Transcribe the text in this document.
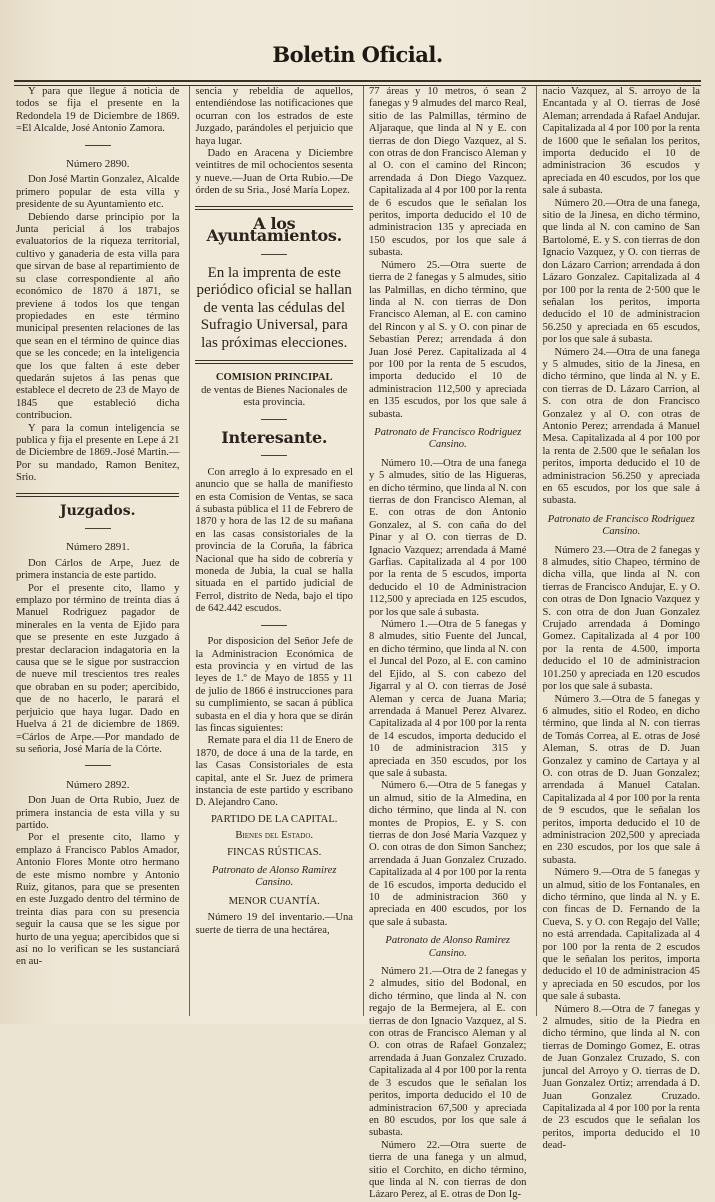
Boletin Oficial.

Y para que llegue á noticia de todos se fija el presente en la Redondela 19 de Diciembre de 1869. =El Alcalde, José Antonio Zamora.

Número 2890.

Don José Martin Gonzalez, Alcalde primero popular de esta villa y presidente de su Ayuntamiento etc.

Debiendo darse principio por la Junta pericial á los trabajos evaluatorios de la riqueza territorial, cultivo y ganaderia de esta villa para que sirvan de base al repartimiento de su clase correspondiente al año económico de 1870 á 1871, se previene á todos los que tengan propiedades en este término municipal presenten relaciones de las que sean en el término de quince dias que se les concede; en la inteligencia que los que falten á este deber quedarán sujetos á las penas que establece el decreto de 23 de Mayo de 1845 que estableció dicha contribucion.

Y para la comun inteligencia se publica y fija el presente en Lepe á 21 de Diciembre de 1869.-José Martin.—Por su mandado, Ramon Benitez, Srio.

Juzgados.
Número 2891.

Don Cárlos de Arpe, Juez de primera instancia de este partido.

Por el presente cito, llamo y emplazo por término de treinta dias á Manuel Rodriguez pagador de minerales en la venta de Ejido para que se presente en este Juzgado á prestar declaracion indagatoria en la causa que se le sigue por sustraccion de nueve mil trescientos tres reales que obraban en su poder; apercibido, que de no hacerlo, le parará el perjuicio que haya lugar. Dado en Huelva á 21 de diciembre de 1869. =Cárlos de Arpe.—Por mandado de su señoria, José María de la Córte.

Número 2892.

Don Juan de Orta Rubio, Juez de primera instancia de esta villa y su partido.

Por el presente cito, llamo y emplazo á Francisco Pablos Amador, Antonio Flores Monte otro hermano de este mismo nombre y Antonio Ruiz, gitanos, para que se presenten en este Juzgado dentro del término de treinta dias para con su presencia seguir la causa que se les sigue por hurto de una yegua; apercibidos que si así no lo verifican se les sustanciará en au-

sencia y rebeldía de aquellos, entendiéndose las notificaciones que ocurran con los estrados de este Juzgado, parándoles el perjuicio que haya lugar.

Dado en Aracena y Diciembre veintitres de mil ochocientos sesenta y nueve.—Juan de Orta Rubio.—De órden de su Sria., José María Lopez.

A los Ayuntamientos.

En la imprenta de este periódico oficial se hallan de venta las cédulas del Sufragio Universal, para las próximas elecciones.

COMISION PRINCIPAL
de ventas de Bienes Nacionales de esta provincia.
Interesante.

Con arreglo á lo expresado en el anuncio que se halla de manifiesto en esta Comision de Ventas, se saca á subasta pública el 11 de Febrero de 1870 y hora de las 12 de su mañana en las casas consistoriales de la provincia de la Coruña, la fábrica Nacional que ha sido de cobrería y moneda de Jubia, la cual se halla situada en el partido judicial de Ferrol, distrito de Neda, bajo el tipo de 642.442 escudos.

Por disposicion del Señor Jefe de la Administracion Económica de esta provincia y en virtud de las leyes de 1.º de Mayo de 1855 y 11 de julio de 1866 é instrucciones para su cumplimiento, se sacan á pública subasta en el dia y hora que se dirán las fincas siguientes:

Remate para el dia 11 de Enero de 1870, de doce á una de la tarde, en las Casas Consistoriales de esta capital, ante el Sr. Juez de primera instancia de este partido y escribano D. Alejandro Cano.

PARTIDO DE LA CAPITAL.
Bienes del Estado.
FINCAS RÚSTICAS.
Patronato de Alonso Ramirez Cansino.
MENOR CUANTÍA.

Número 19 del inventario.—Una suerte de tierra de una hectárea,

77 áreas y 10 metros, ó sean 2 fanegas y 9 almudes del marco Real, sitio de las Palmillas, término de Aljaraque, que linda al N y E. con tierras de don Diego Vazquez, al S. con otras de don Francisco Aleman y al O. con el camino del Rincon; arrendada á Don Diego Vazquez. Capitalizada al 4 por 100 por la renta de 6 escudos que le señalan los peritos, importa deducido el 10 de administracion 135 y apreciada en 150 escudos, por los que sale á subasta.

Número 25.—Otra suerte de tierra de 2 fanegas y 5 almudes, sitio las Palmillas, en dicho término, que linda al N. con tierras de Don Francisco Aleman, al E. con camino del Rincon y al S. y O. con pinar de Sebastian Perez; arrendada á don Juan José Perez. Capitalizada al 4 por 100 por la renta de 5 escudos, importa deducido el 10 de administracion 112,500 y apreciada en 135 escudos, por los que sale á subasta.

Patronato de Francisco Rodriguez Cansino.

Número 10.—Otra de una fanega y 5 almudes, sitio de las Higueras, en dicho término, que linda al N. con tierras de don Francisco Aleman, al E. con otras de don Antonio Gonzalez, al S. con caña do del Pinar y al O. con tierras de D. Ignacio Vazquez; arrendada á Mamé Garfias. Capitalizada al 4 por 100 por la renta de 5 escudos, importa deducido el 10 de Administracion 112,500 y apreciada en 125 escudos, por los que sale á subasta.

Número 1.—Otra de 5 fanegas y 8 almudes, sitio Fuente del Juncal, en dicho término, que linda al N. con el Juncal del Pozo, al E. con camino del Ejido, al S. con cabezo del Jigarral y al O. con tierras de José Aleman y cerca de Juana Maria; arrendada á Manuel Perez Alvarez. Capitalizada al 4 por 100 por la renta de 14 escudos, importa deducido el 10 de administracion 315 y apreciada en 350 escudos, por los que sale á subasta.

Número 6.—Otra de 5 fanegas y un almud, sitio de la Almedina, en dicho término, que linda al N. con montes de Propios, E. y S. con tierras de don José María Vazquez y O. con otras de don Simon Sanchez; arrendada á Juan Gonzalez Cruzado. Capitalizada al 4 por 100 por la renta de 16 escudos, importa deducido el 10 de administracion 360 y apreciada en 400 escudos, por los que sale á subasta.

Patronato de Alonso Ramirez Cansino.

Número 21.—Otra de 2 fanegas y 2 almudes, sitio del Bodonal, en dicho término, que linda al N. con regajo de la Bermejera, al E. con tierras de don Ignacio Vazquez, al S. con otras de Francisco Aleman y al O. con otras de Rafael Gonzalez; arrendada á Juan Gonzalez Cruzado. Capitalizada al 4 por 100 por la renta de 3 escudos que le señalan los peritos, importa deducido el 10 de administracion 67,500 y apreciada en 80 escudos, por los que sale á subasta.

Número 22.—Otra suerte de tierra de una fanega y un almud, sitio el Corchito, en dicho término, que linda al N. con tierras de don Lázaro Perez, al E. otras de Don Ig-

nacio Vazquez, al S. arroyo de la Encantada y al O. tierras de José Aleman; arrendada á Rafael Andujar. Capitalizada al 4 por 100 por la renta de 1600 que le señalan los peritos, importa deducido el 10 de administracion 36 escudos y apreciada en 40 escudos, por los que sale á subasta.

Número 20.—Otra de una fanega, sitio de la Jinesa, en dicho término, que linda al N. con camino de San Bartolomé, E. y S. con tierras de don Ignacio Vazquez, y O. con tierras de don Lázaro Carrion; arrendada á don Lázaro Gonzalez. Capitalizada al 4 por 100 por la renta de 2·500 que le señalan los peritos, importa deducido el 10 de administracion 56.250 y apreciada en 65 escudos, por los que sale á subasta.

Número 24.—Otra de una fanega y 5 almudes, sitio de la Jinesa, en dicho término, que linda al N. y E. con tierras de D. Lázaro Carrion, al S. con otra de don Francisco Gonzalez y al O. con otras de Antonio Perez; arrendada á Manuel Mesa. Capitalizada al 4 por 100 por la renta de 2.500 que le señalan los peritos, importa deducido el 10 de administracion 56.250 y apreciada en 65 escudos, por los que sale á subasta.

Patronato de Francisco Rodriguez Cansino.

Número 23.—Otra de 2 fanegas y 8 almudes, sitio Chapeo, término de dicha villa, que linda al N. con tierras de Francisco Andujar, E. y O. con otras de Don Ignacio Vazquez y S. con otra de don Juan Gonzalez Crujado arrendada á Domingo Gomez. Capitalizada al 4 por 100 por la renta de 4.500, importa deducido el 10 de administracion 101.250 y apreciada en 120 escudos por los que sale á subasta.

Número 3.—Otra de 5 fanegas y 6 almudes, sitio el Rodeo, en dicho término, que linda al N. con tierras de Tomás Correa, al E. otras de José Aleman, S. otras de D. Juan Gonzalez y camino de Cartaya y al O. con otras de D. Juan Gonzalez; arrendada á Manuel Catalan. Capitalizada al 4 por 100 por la renta de 9 escudos, que le señalan los peritos, importa deducido el 10 de administracion 202,500 y apreciada en 230 escudos, por los que sale á subasta.

Número 9.—Otra de 5 fanegas y un almud, sitio de los Fontanales, en dicho término, que linda al N. y E. con fincas de D. Fernando de la Cueva, S. y O. con Regajo del Valle; no está arrendada. Capitalizada al 4 por 100 por la renta de 2 escudos que le señalan los peritos, importa deducido el 10 de administracion 45 y apreciada en 50 escudos, por los que sale á subasta.

Número 8.—Otra de 7 fanegas y 2 almudes, sitio de la Piedra en dicho término, que linda al N. con tierras de Domingo Gomez, E. otras de Juan Gonzalez Cruzado, S. con juncal del Arroyo y O. tierras de D. Juan Gonzalez Ortiz; arrendada á D. Juan Gonzalez Cruzado. Capitalizada al 4 por 100 por la renta de 23 escudos que le señalan los peritos, importa deducido el 10 dead-
